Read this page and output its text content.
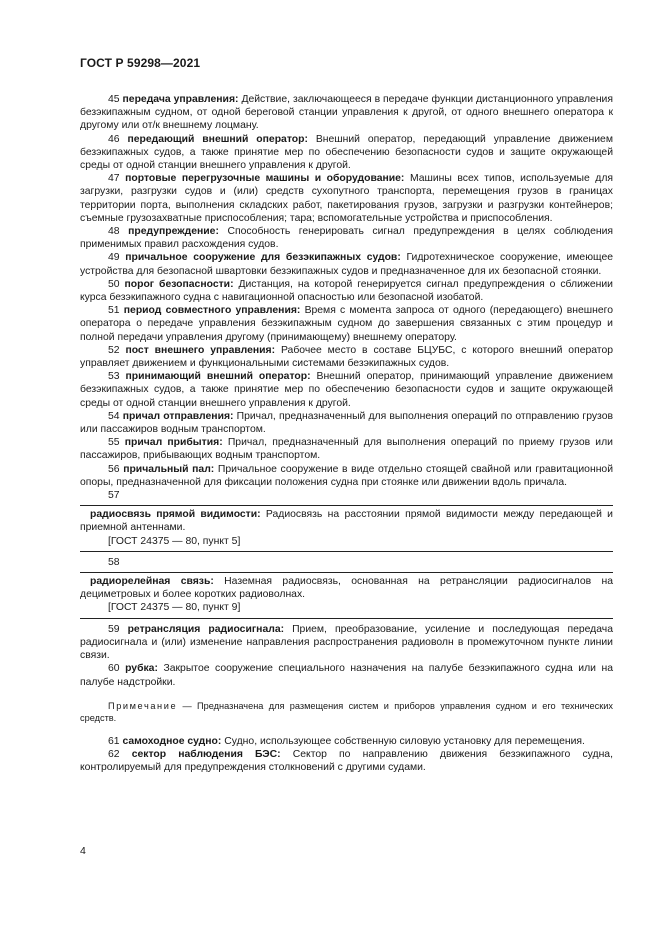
ГОСТ Р 59298—2021

45 передача управления: Действие, заключающееся в передаче функции дистанционного управления безэкипажным судном, от одной береговой станции управления к другой, от одного внешнего оператора к другому или от/к внешнему лоцману.

46 передающий внешний оператор: Внешний оператор, передающий управление движением безэкипажных судов, а также принятие мер по обеспечению безопасности судов и защите окружающей среды от одной станции внешнего управления к другой.

47 портовые перегрузочные машины и оборудование: Машины всех типов, используемые для загрузки, разгрузки судов и (или) средств сухопутного транспорта, перемещения грузов в границах территории порта, выполнения складских работ, пакетирования грузов, загрузки и разгрузки контейнеров; съемные грузозахватные приспособления; тара; вспомогательные устройства и приспособления.

48 предупреждение: Способность генерировать сигнал предупреждения в целях соблюдения применимых правил расхождения судов.

49 причальное сооружение для безэкипажных судов: Гидротехническое сооружение, имеющее устройства для безопасной швартовки безэкипажных судов и предназначенное для их безопасной стоянки.

50 порог безопасности: Дистанция, на которой генерируется сигнал предупреждения о сближении курса безэкипажного судна с навигационной опасностью или безопасной изобатой.

51 период совместного управления: Время с момента запроса от одного (передающего) внешнего оператора о передаче управления безэкипажным судном до завершения связанных с этим процедур и полной передачи управления другому (принимающему) внешнему оператору.

52 пост внешнего управления: Рабочее место в составе БЦУБС, с которого внешний оператор управляет движением и функциональными системами безэкипажных судов.

53 принимающий внешний оператор: Внешний оператор, принимающий управление движением безэкипажных судов, а также принятие мер по обеспечению безопасности судов и защите окружающей среды от одной станции внешнего управления к другой.

54 причал отправления: Причал, предназначенный для выполнения операций по отправлению грузов или пассажиров водным транспортом.

55 причал прибытия: Причал, предназначенный для выполнения операций по приему грузов или пассажиров, прибывающих водным транспортом.

56 причальный пал: Причальное сооружение в виде отдельно стоящей свайной или гравитационной опоры, предназначенной для фиксации положения судна при стоянке или движении вдоль причала.

57

радиосвязь прямой видимости: Радиосвязь на расстоянии прямой видимости между передающей и приемной антеннами.

[ГОСТ 24375 — 80, пункт 5]
58

радиорелейная связь: Наземная радиосвязь, основанная на ретрансляции радиосигналов на дециметровых и более коротких радиоволнах.

[ГОСТ 24375 — 80, пункт 9]

59 ретрансляция радиосигнала: Прием, преобразование, усиление и последующая передача радиосигнала и (или) изменение направления распространения радиоволн в промежуточном пункте линии связи.

60 рубка: Закрытое сооружение специального назначения на палубе безэкипажного судна или на палубе надстройки.

Примечание — Предназначена для размещения систем и приборов управления судном и его технических средств.

61 самоходное судно: Судно, использующее собственную силовую установку для перемещения.

62 сектор наблюдения БЭС: Сектор по направлению движения безэкипажного судна, контролируемый для предупреждения столкновений с другими судами.

4
